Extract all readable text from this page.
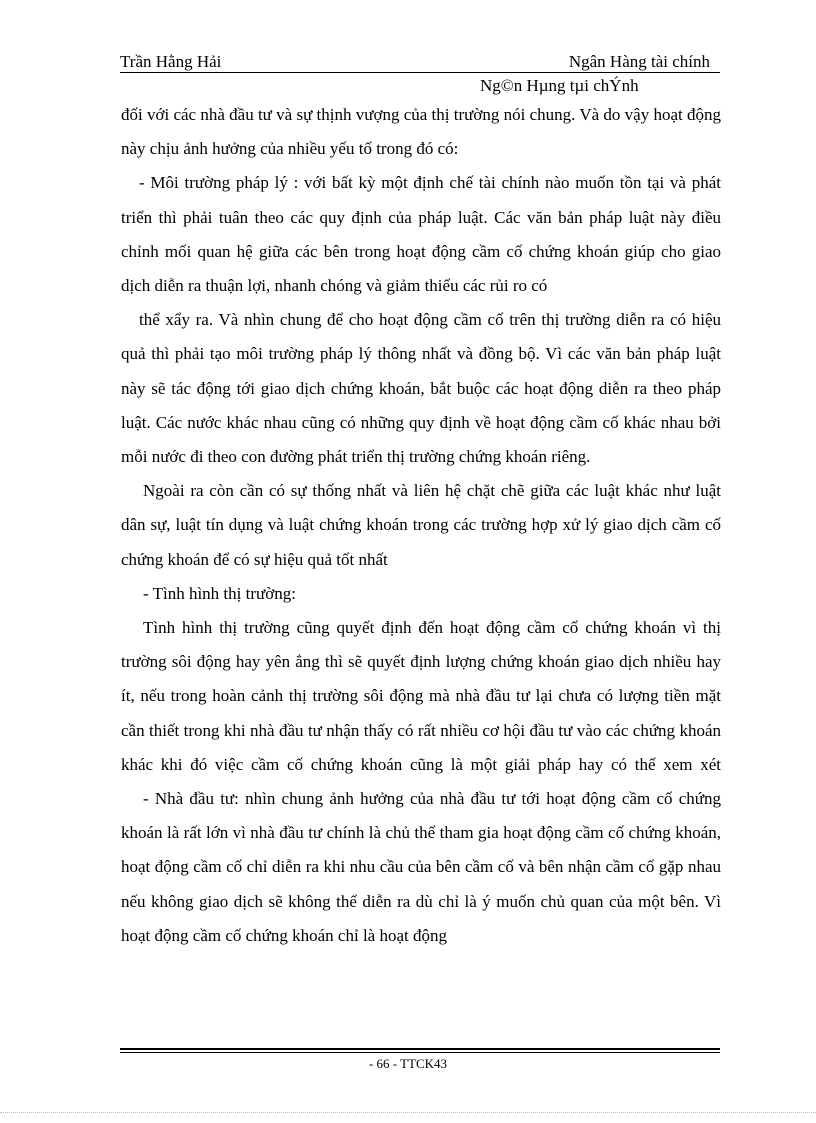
Trần Hằng Hải	Ngân Hàng tài chính
Ng©n Hµng tµi chÝnh

đối với các nhà đầu tư và sự thịnh vượng của thị trường nói chung. Và do vậy hoạt động này chịu ảnh hưởng của nhiều yếu tố trong đó có:

- Môi trường pháp lý : với bất kỳ một định chế tài chính nào muốn tồn tại và phát triển thì phải tuân theo các quy định của pháp luật. Các văn bản pháp luật này điều chỉnh mối quan hệ giữa các bên trong hoạt động cầm cố chứng khoán giúp cho giao dịch diễn ra thuận lợi, nhanh chóng và giảm thiểu các rủi ro có

thể xẩy ra. Và nhìn chung để cho hoạt động cầm cố trên thị trường diễn ra có hiệu quả thì phải tạo môi trường pháp lý thông nhất và đồng bộ. Vì các văn bản pháp luật này sẽ tác động tới giao dịch chứng khoán, bắt buộc các hoạt động diễn ra theo pháp luật. Các nước khác nhau cũng có những quy định về hoạt động cầm cố khác nhau bởi mỗi nước đi theo con đường phát triển thị trường chứng khoán riêng.

Ngoài ra còn cần có sự thống nhất và liên hệ chặt chẽ giữa các luật khác như luật dân sự, luật tín dụng và luật chứng khoán trong các trường hợp xử lý giao dịch cầm cố chứng khoán để có sự hiệu quả tốt nhất

- Tình hình thị trường:

Tình hình thị trường cũng quyết định đến hoạt động cầm cố chứng khoán vì thị trường sôi động hay yên ắng thì sẽ quyết định lượng chứng khoán giao dịch nhiều hay ít, nếu trong hoàn cảnh thị trường sôi động mà nhà đầu tư lại chưa có lượng tiền mặt cần thiết trong khi nhà đầu tư nhận thấy có rất nhiều cơ hội đầu tư vào các chứng khoán khác khi đó việc cầm cố chứng khoán cũng là một giải pháp hay có thể xem xét

- Nhà đầu tư: nhìn chung ảnh hưởng của nhà đầu tư tới hoạt động cầm cố chứng khoán là rất lớn vì nhà đầu tư chính là chủ thể tham gia hoạt động cầm cố chứng khoán, hoạt động cầm cố chỉ diễn ra khi nhu cầu của bên cầm cố và bên nhận cầm cố gặp nhau nếu không giao dịch sẽ không thể diễn ra dù chỉ là ý muốn chủ quan của một bên. Vì hoạt động cầm cố chứng khoán chỉ là hoạt động

- 66 - TTCK43
